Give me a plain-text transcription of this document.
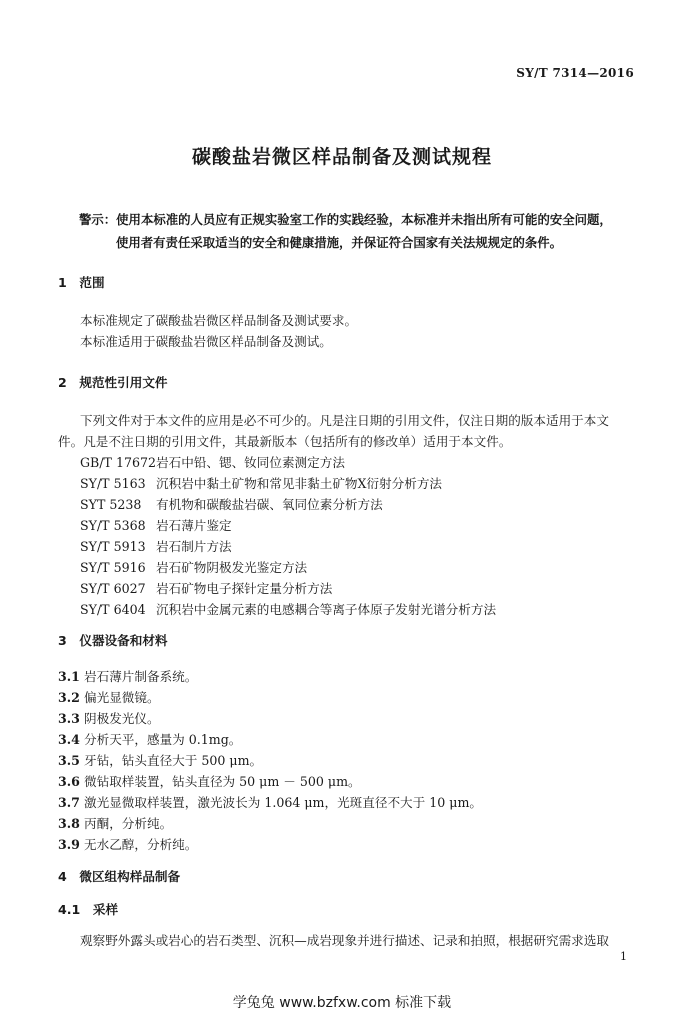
SY/T 7314—2016
碳酸盐岩微区样品制备及测试规程
警示：使用本标准的人员应有正规实验室工作的实践经验，本标准并未指出所有可能的安全问题，
使用者有责任采取适当的安全和健康措施，并保证符合国家有关法规规定的条件。
1　范围
本标准规定了碳酸盐岩微区样品制备及测试要求。
本标准适用于碳酸盐岩微区样品制备及测试。
2　规范性引用文件
下列文件对于本文件的应用是必不可少的。凡是注日期的引用文件，仅注日期的版本适用于本文
件。凡是不注日期的引用文件，其最新版本（包括所有的修改单）适用于本文件。
GB/T 17672岩石中铅、锶、钕同位素测定方法
SY/T 5163 沉积岩中黏土矿物和常见非黏土矿物X衍射分析方法
SYT 5238 有机物和碳酸盐岩碳、氧同位素分析方法
SY/T 5368 岩石薄片鉴定
SY/T 5913 岩石制片方法
SY/T 5916 岩石矿物阴极发光鉴定方法
SY/T 6027 岩石矿物电子探针定量分析方法
SY/T 6404 沉积岩中金属元素的电感耦合等离子体原子发射光谱分析方法
3　仪器设备和材料
3.1 岩石薄片制备系统。
3.2 偏光显微镜。
3.3 阴极发光仪。
3.4 分析天平，感量为 0.1mg。
3.5 牙钻，钻头直径大于 500 μm。
3.6 微钻取样装置，钻头直径为 50 μm － 500 μm。
3.7 激光显微取样装置，激光波长为 1.064 μm，光斑直径不大于 10 μm。
3.8 丙酮，分析纯。
3.9 无水乙醇，分析纯。
4　微区组构样品制备
4.1　采样
观察野外露头或岩心的岩石类型、沉积—成岩现象并进行描述、记录和拍照，根据研究需求选取
1
学兔兔 www.bzfxw.com 标准下载
